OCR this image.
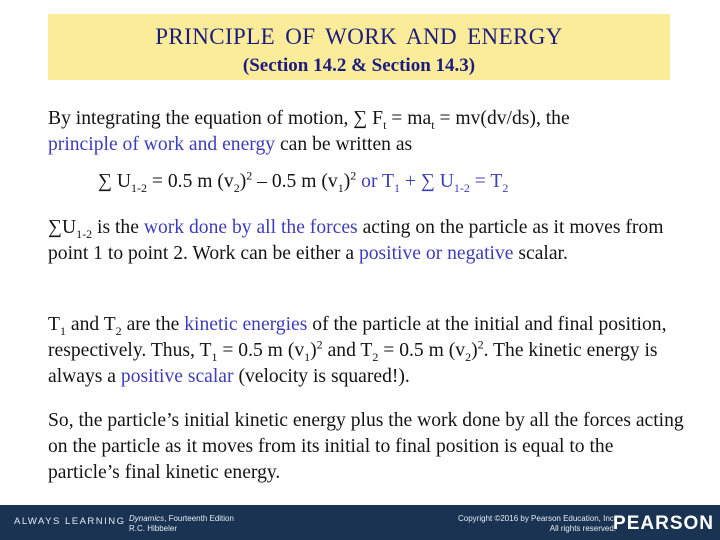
PRINCIPLE OF WORK AND ENERGY
(Section 14.2 & Section 14.3)
By integrating the equation of motion, ∑ $F_t = ma_t = mv(dv/ds)$, the
principle of work and energy can be written as
∑ $U_{1-2} = 0.5$ m $(v_2)^2 - 0.5$ m $(v_1)^2$ or $T_1$ + ∑ $U_{1-2} = T_2$
$\sum U_{1-2}$ is the work done by all the forces acting on the particle as it moves from point 1 to point 2. Work can be either a positive or negative scalar.
$T_1$ and $T_2$ are the kinetic energies of the particle at the initial and final position, respectively. Thus, $T_1 = 0.5$ m $(v_1)^2$ and $T_2 = 0.5$ m $(v_2)^2$. The kinetic energy is always a positive scalar (velocity is squared!).
So, the particle’s initial kinetic energy plus the work done by all the forces acting on the particle as it moves from its initial to final position is equal to the particle’s final kinetic energy.
ALWAYS LEARNING Dynamics, Fourteenth Edition
R.C. Hibbeler
Copyright ©2016 by Pearson Education, Inc.
All rights reserved.
PEARSON
